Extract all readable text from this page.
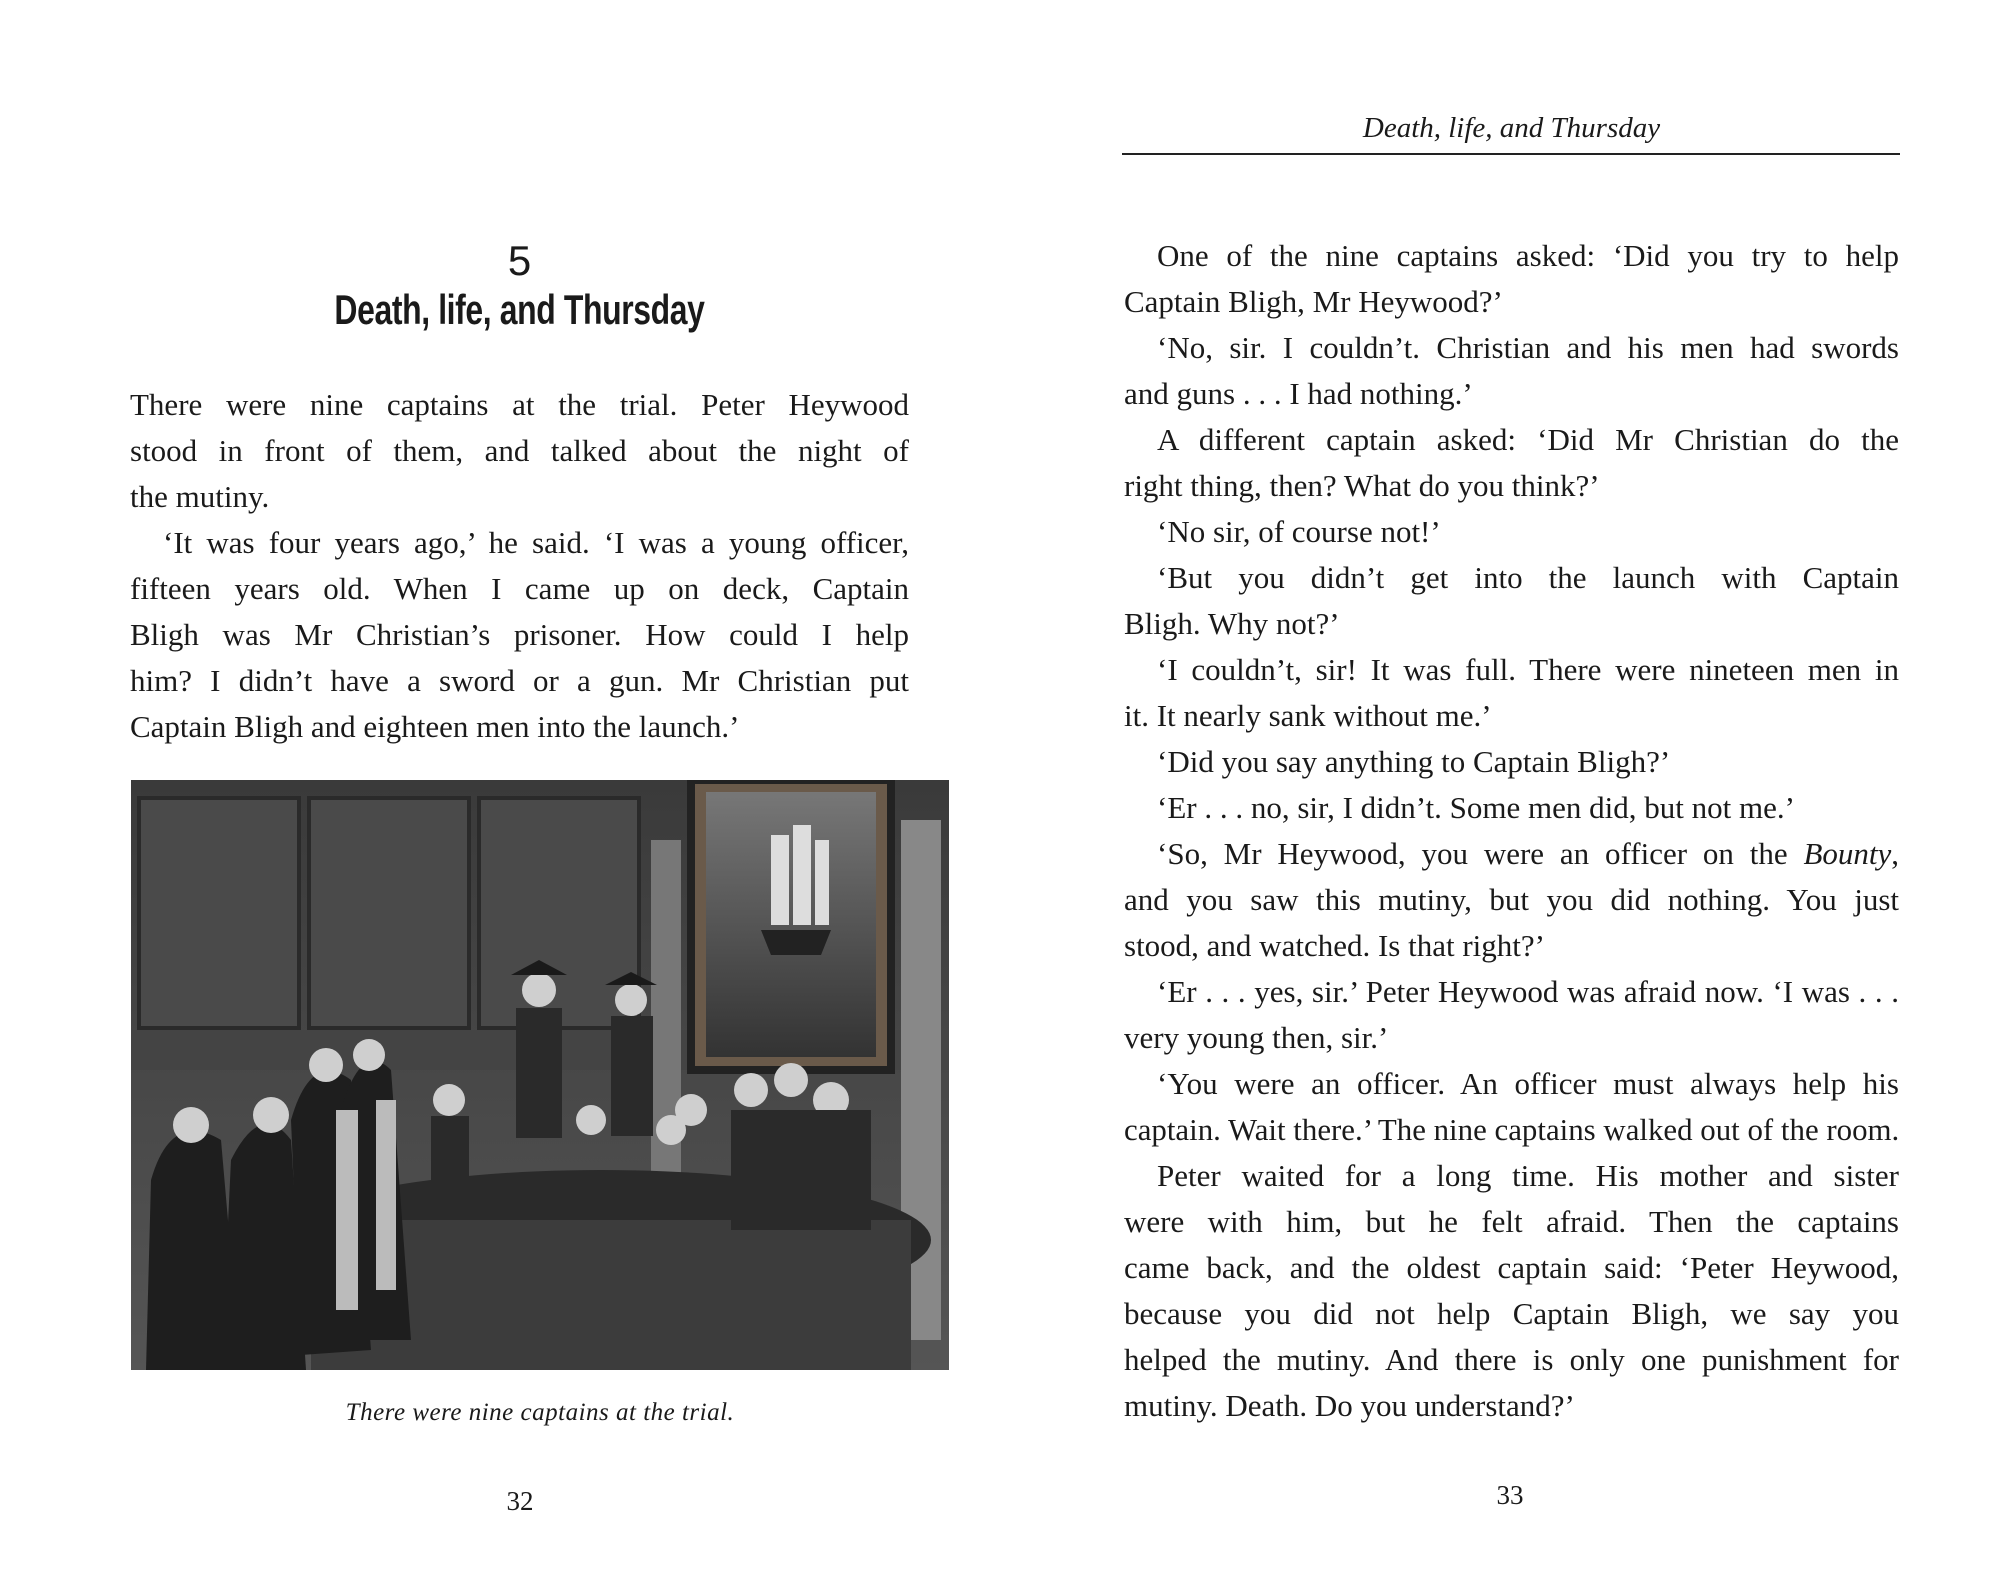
5
Death, life, and Thursday
There were nine captains at the trial. Peter Heywood
stood in front of them, and talked about the night of
the mutiny.
‘It was four years ago,’ he said. ‘I was a young officer,
fifteen years old. When I came up on deck, Captain
Bligh was Mr Christian’s prisoner. How could I help
him? I didn’t have a sword or a gun. Mr Christian put
Captain Bligh and eighteen men into the launch.’
There were nine captains at the trial.
32
Death, life, and Thursday
One of the nine captains asked: ‘Did you try to help
Captain Bligh, Mr Heywood?’
‘No, sir. I couldn’t. Christian and his men had swords
and guns . . . I had nothing.’
A different captain asked: ‘Did Mr Christian do the
right thing, then? What do you think?’
‘No sir, of course not!’
‘But you didn’t get into the launch with Captain
Bligh. Why not?’
‘I couldn’t, sir! It was full. There were nineteen men in
it. It nearly sank without me.’
‘Did you say anything to Captain Bligh?’
‘Er . . . no, sir, I didn’t. Some men did, but not me.’
‘So, Mr Heywood, you were an officer on the Bounty,
and you saw this mutiny, but you did nothing. You just
stood, and watched. Is that right?’
‘Er . . . yes, sir.’ Peter Heywood was afraid now. ‘I was . . .
very young then, sir.’
‘You were an officer. An officer must always help his
captain. Wait there.’ The nine captains walked out of the room.
Peter waited for a long time. His mother and sister
were with him, but he felt afraid. Then the captains
came back, and the oldest captain said: ‘Peter Heywood,
because you did not help Captain Bligh, we say you
helped the mutiny. And there is only one punishment for
mutiny. Death. Do you understand?’
33
